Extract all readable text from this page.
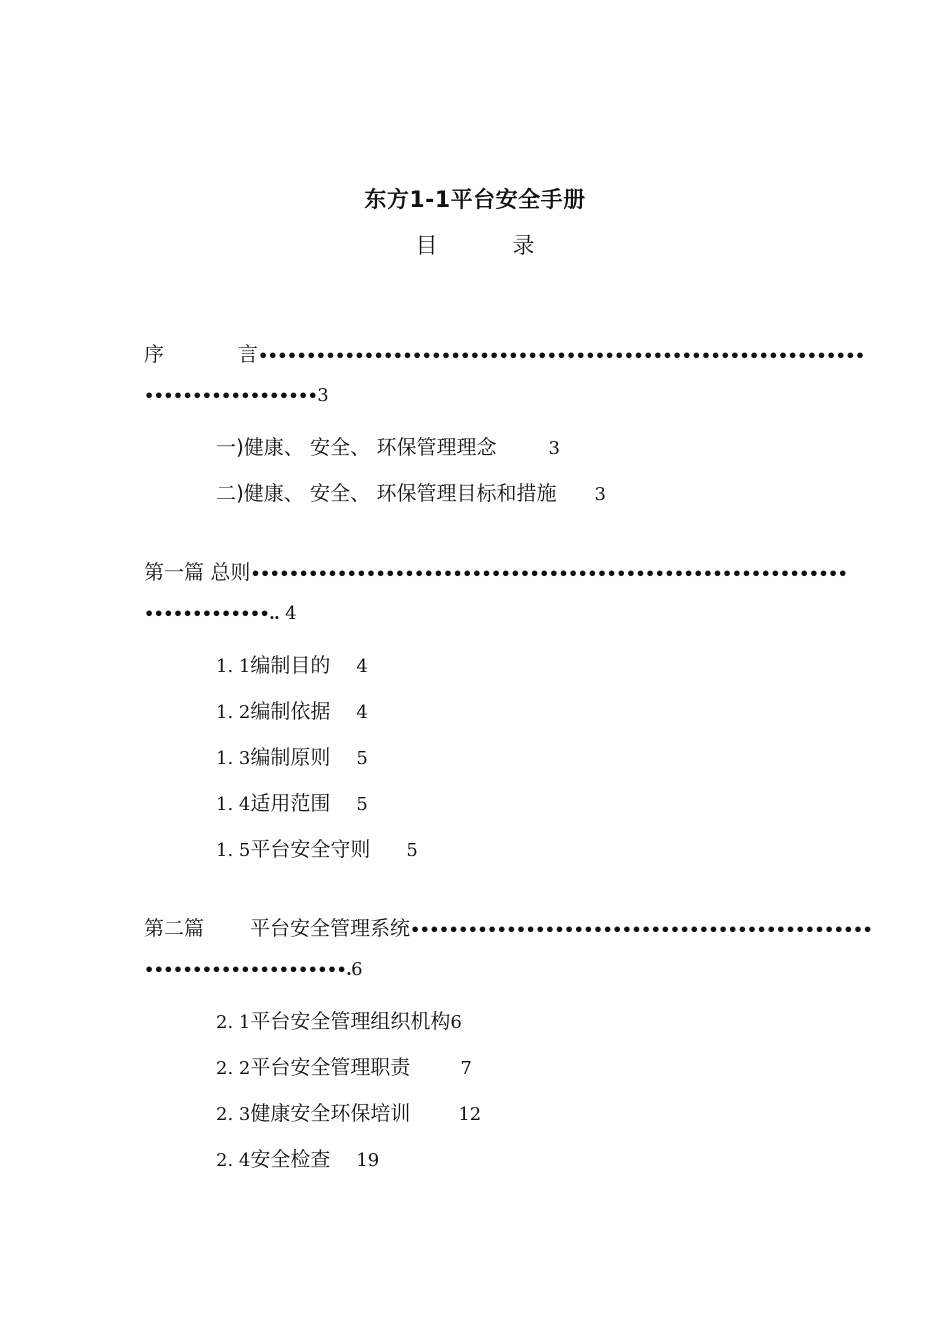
东方1-1平台安全手册
目 录
序	言•••••••••••••••••••••••••••••••••••••••••••••••••••••••••••••••
••••••••••••••••••3
一)健康、 安全、 环保管理理念	3
二)健康、 安全、 环保管理目标和措施 3
第一篇 总则••••••••••••••••••••••••••••••••••••••••••••••••••••••••••••••
•••••••••••••.. 4
1. 1编制目的 4
1. 2编制依据 4
1. 3编制原则 5
1. 4适用范围 5
1. 5平台安全守则 5
第二篇 平台安全管理系统••••••••••••••••••••••••••••••••••••••••••••••••
•••••••••••••••••••••.6
2. 1平台安全管理组织机构6
2. 2平台安全管理职责	7
2. 3健康安全环保培训	12
2. 4安全检查 19
